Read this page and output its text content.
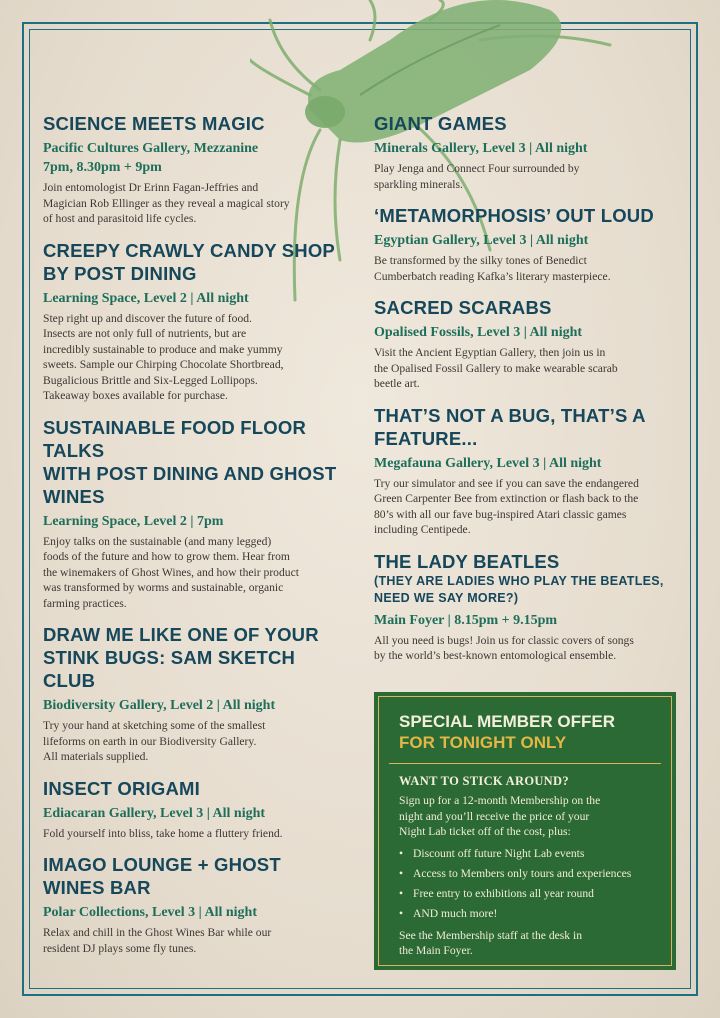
SCIENCE MEETS MAGIC
Pacific Cultures Gallery, Mezzanine
7pm, 8.30pm + 9pm

Join entomologist Dr Erinn Fagan-Jeffries and
Magician Rob Ellinger as they reveal a magical story
of host and parasitoid life cycles.

CREEPY CRAWLY CANDY SHOP
BY POST DINING
Learning Space, Level 2 | All night

Step right up and discover the future of food.
Insects are not only full of nutrients, but are
incredibly sustainable to produce and make yummy
sweets. Sample our Chirping Chocolate Shortbread,
Bugalicious Brittle and Six-Legged Lollipops.
Takeaway boxes available for purchase.

SUSTAINABLE FOOD FLOOR TALKS
WITH POST DINING AND GHOST WINES
Learning Space, Level 2 | 7pm

Enjoy talks on the sustainable (and many legged)
foods of the future and how to grow them. Hear from
the winemakers of Ghost Wines, and how their product
was transformed by worms and sustainable, organic
farming practices.

DRAW ME LIKE ONE OF YOUR
STINK BUGS: SAM SKETCH CLUB
Biodiversity Gallery, Level 2 | All night

Try your hand at sketching some of the smallest
lifeforms on earth in our Biodiversity Gallery.
All materials supplied.

INSECT ORIGAMI
Ediacaran Gallery, Level 3 | All night

Fold yourself into bliss, take home a fluttery friend.

IMAGO LOUNGE + GHOST WINES BAR
Polar Collections, Level 3 | All night

Relax and chill in the Ghost Wines Bar while our
resident DJ plays some fly tunes.

GIANT GAMES
Minerals Gallery, Level 3 | All night

Play Jenga and Connect Four surrounded by
sparkling minerals.

‘METAMORPHOSIS’ OUT LOUD
Egyptian Gallery, Level 3 | All night

Be transformed by the silky tones of Benedict
Cumberbatch reading Kafka’s literary masterpiece.

SACRED SCARABS
Opalised Fossils, Level 3 | All night

Visit the Ancient Egyptian Gallery, then join us in
the Opalised Fossil Gallery to make wearable scarab
beetle art.

THAT’S NOT A BUG, THAT’S A FEATURE...
Megafauna Gallery, Level 3 | All night

Try our simulator and see if you can save the endangered
Green Carpenter Bee from extinction or flash back to the
80’s with all our fave bug-inspired Atari classic games
including Centipede.

THE LADY BEATLES
(THEY ARE LADIES WHO PLAY THE BEATLES,
NEED WE SAY MORE?)
Main Foyer | 8.15pm + 9.15pm

All you need is bugs! Join us for classic covers of songs
by the world’s best-known entomological ensemble.

SPECIAL MEMBER OFFER
FOR TONIGHT ONLY

WANT TO STICK AROUND?

Sign up for a 12-month Membership on the
night and you’ll receive the price of your
Night Lab ticket off of the cost, plus:

• Discount off future Night Lab events
• Access to Members only tours and experiences
• Free entry to exhibitions all year round
• AND much more!

See the Membership staff at the desk in
the Main Foyer.
